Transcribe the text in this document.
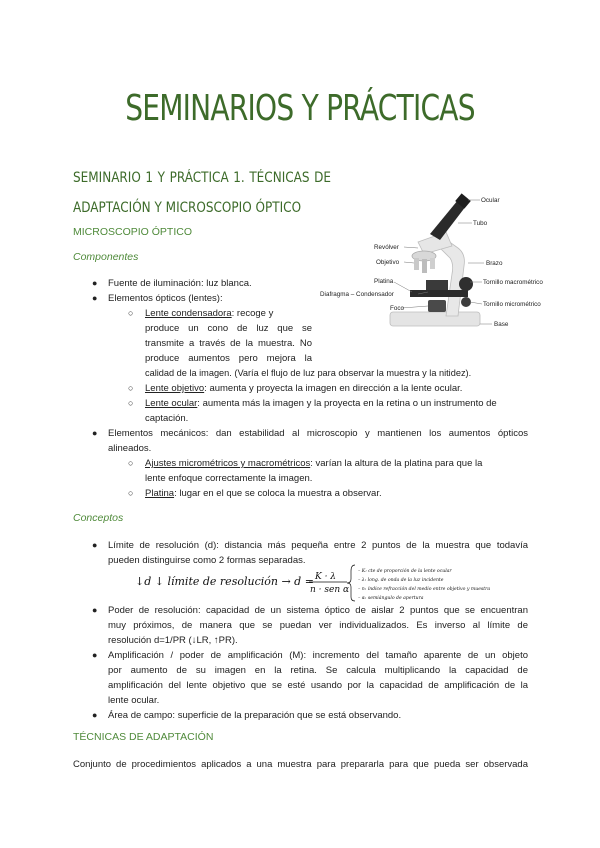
SEMINARIOS Y PRÁCTICAS
SEMINARIO 1 Y PRÁCTICA 1. TÉCNICAS DE
ADAPTACIÓN Y MICROSCOPIO ÓPTICO
MICROSCOPIO ÓPTICO
Componentes
Ocular
Tubo
Revólver
Objetivo	Brazo
Platina	Tornillo macrométrico
Diafragma – Condensador
Tornillo micrométrico
Foco
Base
● Fuente de iluminación: luz blanca.
● Elementos ópticos (lentes):
○ Lente condensadora: recoge y
produce un cono de luz que se
transmite a través de la muestra. No
produce aumentos pero mejora la
calidad de la imagen. (Varía el flujo de luz para observar la muestra y la nitidez).
○ Lente objetivo: aumenta y proyecta la imagen en dirección a la lente ocular.
○ Lente ocular: aumenta más la imagen y la proyecta en la retina o un instrumento de
captación.
● Elementos mecánicos: dan estabilidad al microscopio y mantienen los aumentos ópticos
alineados.
○ Ajustes micrométricos y macrométricos: varían la altura de la platina para que la
lente enfoque correctamente la imagen.
○ Platina: lugar en el que se coloca la muestra a observar.
Conceptos
● Límite de resolución (d): distancia más pequeña entre 2 puntos de la muestra que todavía
pueden distinguirse como 2 formas separadas.
↓d ↓ límite de resolución → d = K · λ
n · sen α
– K: cte de proporción de la lente ocular
– λ: long. de onda de la luz incidente
– n: índice refracción del medio entre objetivo y muestra
– α: semiángulo de apertura
● Poder de resolución: capacidad de un sistema óptico de aislar 2 puntos que se encuentran
muy próximos, de manera que se puedan ver individualizados. Es inverso al límite de
resolución d=1/PR (↓LR, ↑PR).
● Amplificación / poder de amplificación (M): incremento del tamaño aparente de un objeto
por aumento de su imagen en la retina. Se calcula multiplicando la capacidad de
amplificación del lente objetivo que se esté usando por la capacidad de amplificación de la
lente ocular.
● Área de campo: superficie de la preparación que se está observando.
TÉCNICAS DE ADAPTACIÓN
Conjunto de procedimientos aplicados a una muestra para prepararla para que pueda ser observada
